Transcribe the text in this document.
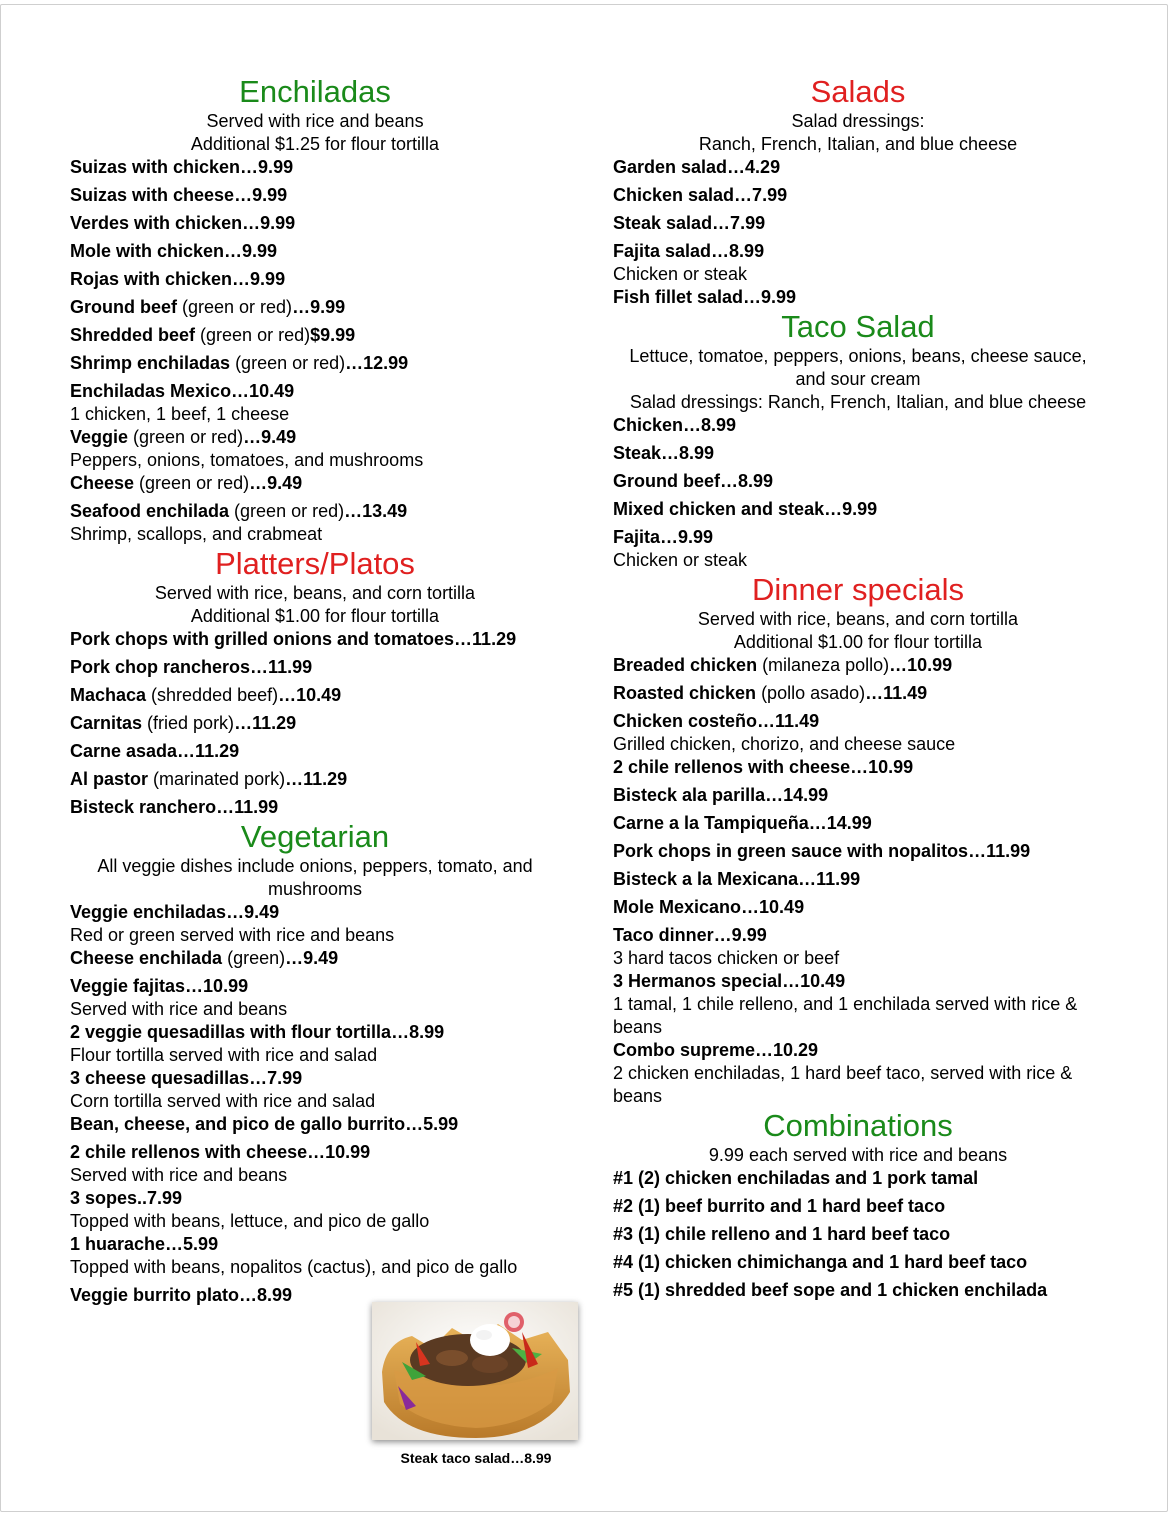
Enchiladas
Served with rice and beans
Additional $1.25 for flour tortilla
Suizas with chicken…9.99
Suizas with cheese…9.99
Verdes with chicken…9.99
Mole with chicken…9.99
Rojas with chicken…9.99
Ground beef (green or red)…9.99
Shredded beef (green or red)$9.99
Shrimp enchiladas (green or red)…12.99
Enchiladas Mexico…10.49
1 chicken, 1 beef, 1 cheese
Veggie (green or red)…9.49
Peppers, onions, tomatoes, and mushrooms
Cheese (green or red)…9.49
Seafood enchilada (green or red)…13.49
Shrimp, scallops, and crabmeat
Platters/Platos
Served with rice, beans, and corn tortilla
Additional $1.00 for flour tortilla
Pork chops with grilled onions and tomatoes…11.29
Pork chop rancheros…11.99
Machaca (shredded beef)…10.49
Carnitas (fried pork)…11.29
Carne asada…11.29
Al pastor (marinated pork)…11.29
Bisteck ranchero…11.99
Vegetarian
All veggie dishes include onions, peppers, tomato, and mushrooms
Veggie enchiladas…9.49
Red or green served with rice and beans
Cheese enchilada (green)…9.49
Veggie fajitas…10.99
Served with rice and beans
2 veggie quesadillas with flour tortilla…8.99
Flour tortilla served with rice and salad
3 cheese quesadillas…7.99
Corn tortilla served with rice and salad
Bean, cheese, and pico de gallo burrito…5.99
2 chile rellenos with cheese…10.99
Served with rice and beans
3 sopes..7.99
Topped with beans, lettuce, and pico de gallo
1 huarache…5.99
Topped with beans, nopalitos (cactus), and pico de gallo
Veggie burrito plato…8.99
Salads
Salad dressings:
Ranch, French, Italian, and blue cheese
Garden salad…4.29
Chicken salad…7.99
Steak salad…7.99
Fajita salad…8.99
Chicken or steak
Fish fillet salad…9.99
Taco Salad
Lettuce, tomatoe, peppers, onions, beans, cheese sauce, and sour cream
Salad dressings: Ranch, French, Italian, and blue cheese
Chicken…8.99
Steak…8.99
Ground beef…8.99
Mixed chicken and steak…9.99
Fajita…9.99
Chicken or steak
Dinner specials
Served with rice, beans, and corn tortilla
Additional $1.00 for flour tortilla
Breaded chicken (milaneza pollo)…10.99
Roasted chicken (pollo asado)…11.49
Chicken costeño…11.49
Grilled chicken, chorizo, and cheese sauce
2 chile rellenos with cheese…10.99
Bisteck ala parilla…14.99
Carne a la Tampiqueña…14.99
Pork chops in green sauce with nopalitos…11.99
Bisteck a la Mexicana…11.99
Mole Mexicano…10.49
Taco dinner…9.99
3 hard tacos chicken or beef
3 Hermanos special…10.49
1 tamal, 1 chile relleno, and 1 enchilada served with rice & beans
Combo supreme…10.29
2 chicken enchiladas, 1 hard beef taco, served with rice & beans
Combinations
9.99 each served with rice and beans
#1 (2) chicken enchiladas and 1 pork tamal
#2 (1) beef burrito and 1 hard beef taco
#3 (1) chile relleno and 1 hard beef taco
#4 (1) chicken chimichanga and 1 hard beef taco
#5 (1) shredded beef sope and 1 chicken enchilada
Steak taco salad…8.99
